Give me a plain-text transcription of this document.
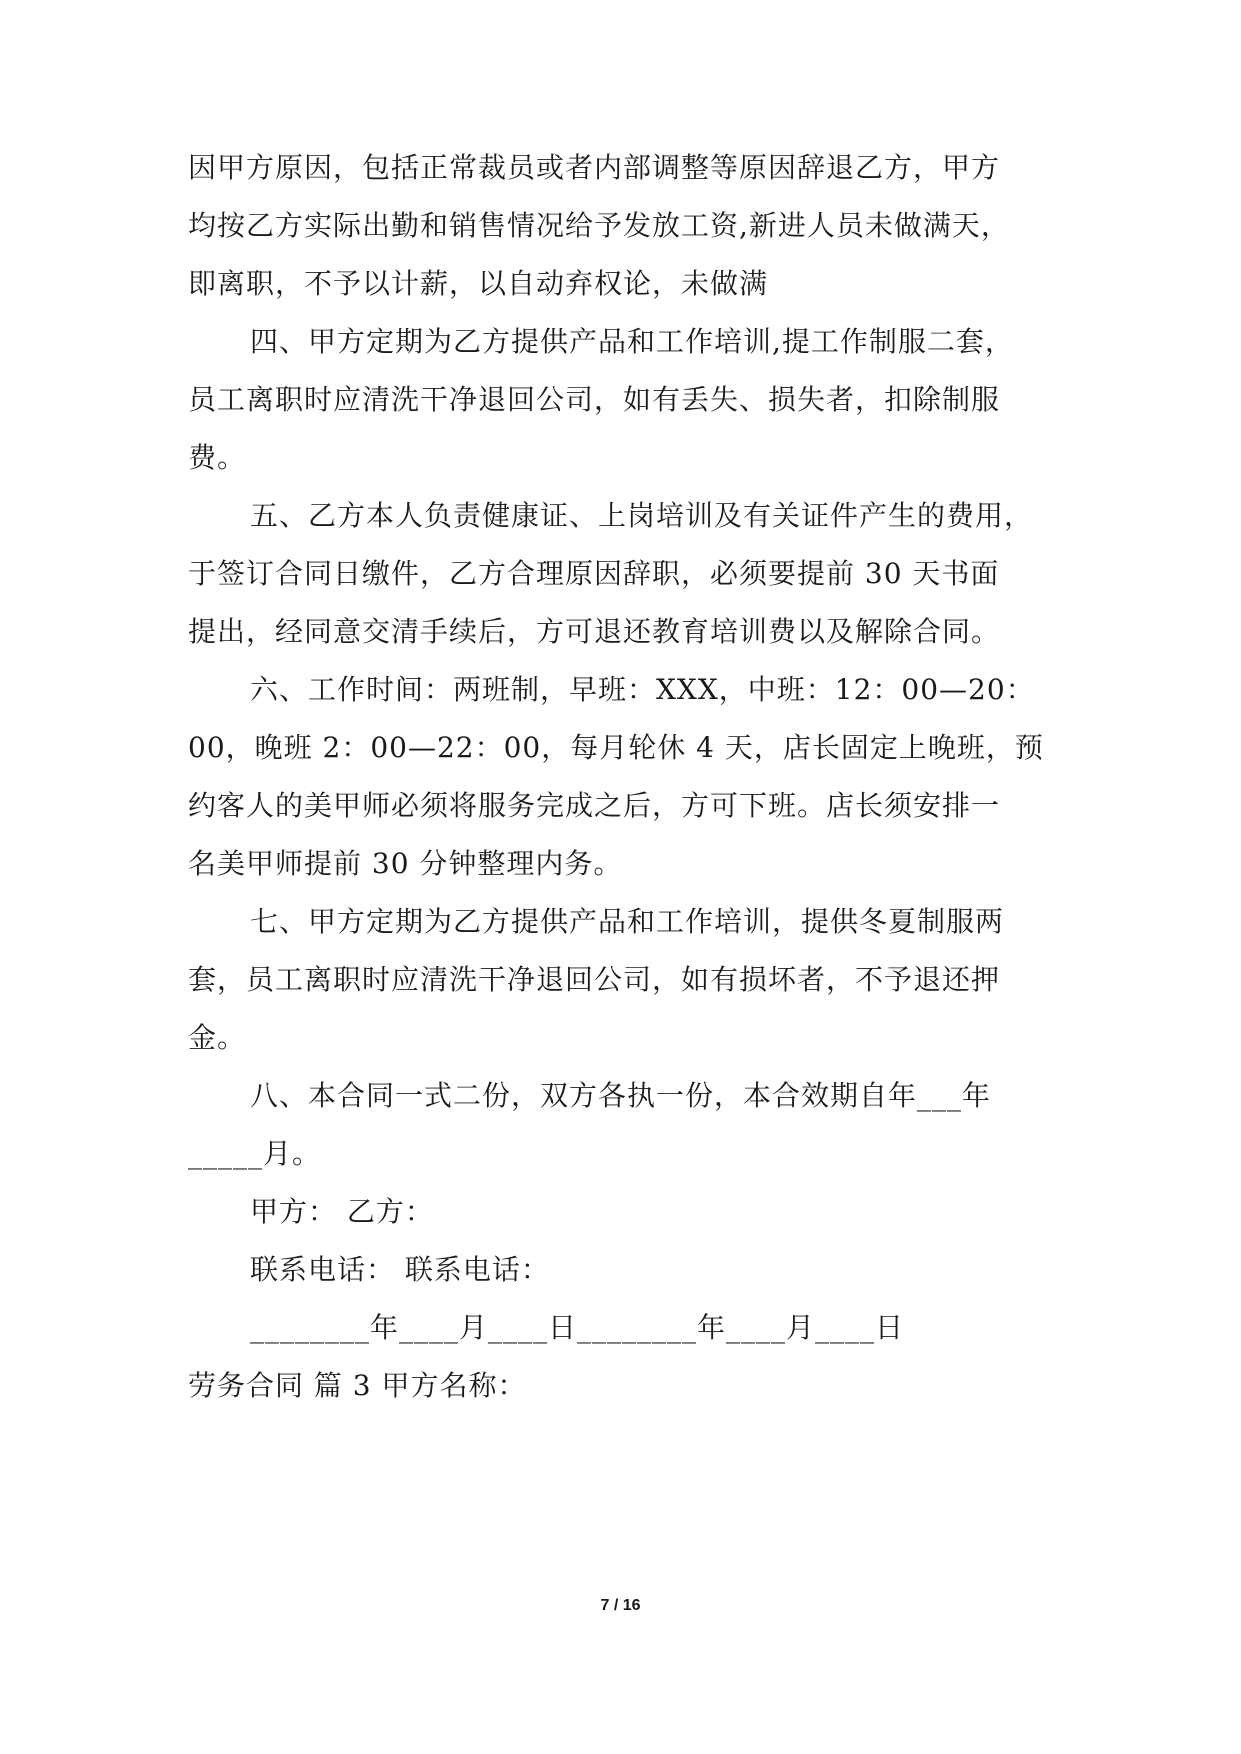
因甲方原因，包括正常裁员或者内部调整等原因辞退乙方，甲方
均按乙方实际出勤和销售情况给予发放工资,新进人员未做满天，
即离职，不予以计薪，以自动弃权论，未做满
四、甲方定期为乙方提供产品和工作培训,提工作制服二套，
员工离职时应清洗干净退回公司，如有丢失、损失者，扣除制服
费。
五、乙方本人负责健康证、上岗培训及有关证件产生的费用，
于签订合同日缴件，乙方合理原因辞职，必须要提前 30 天书面
提出，经同意交清手续后，方可退还教育培训费以及解除合同。
六、工作时间：两班制，早班：XXX，中班：12：00—20：
00，晚班 2：00—22：00，每月轮休 4 天，店长固定上晚班，预
约客人的美甲师必须将服务完成之后，方可下班。店长须安排一
名美甲师提前 30 分钟整理内务。
七、甲方定期为乙方提供产品和工作培训，提供冬夏制服两
套，员工离职时应清洗干净退回公司，如有损坏者，不予退还押
金。
八、本合同一式二份，双方各执一份，本合效期自年___年
_____月。
甲方： 乙方：
联系电话： 联系电话：
________年____月____日________年____月____日
劳务合同 篇 3 甲方名称：
7 / 16
